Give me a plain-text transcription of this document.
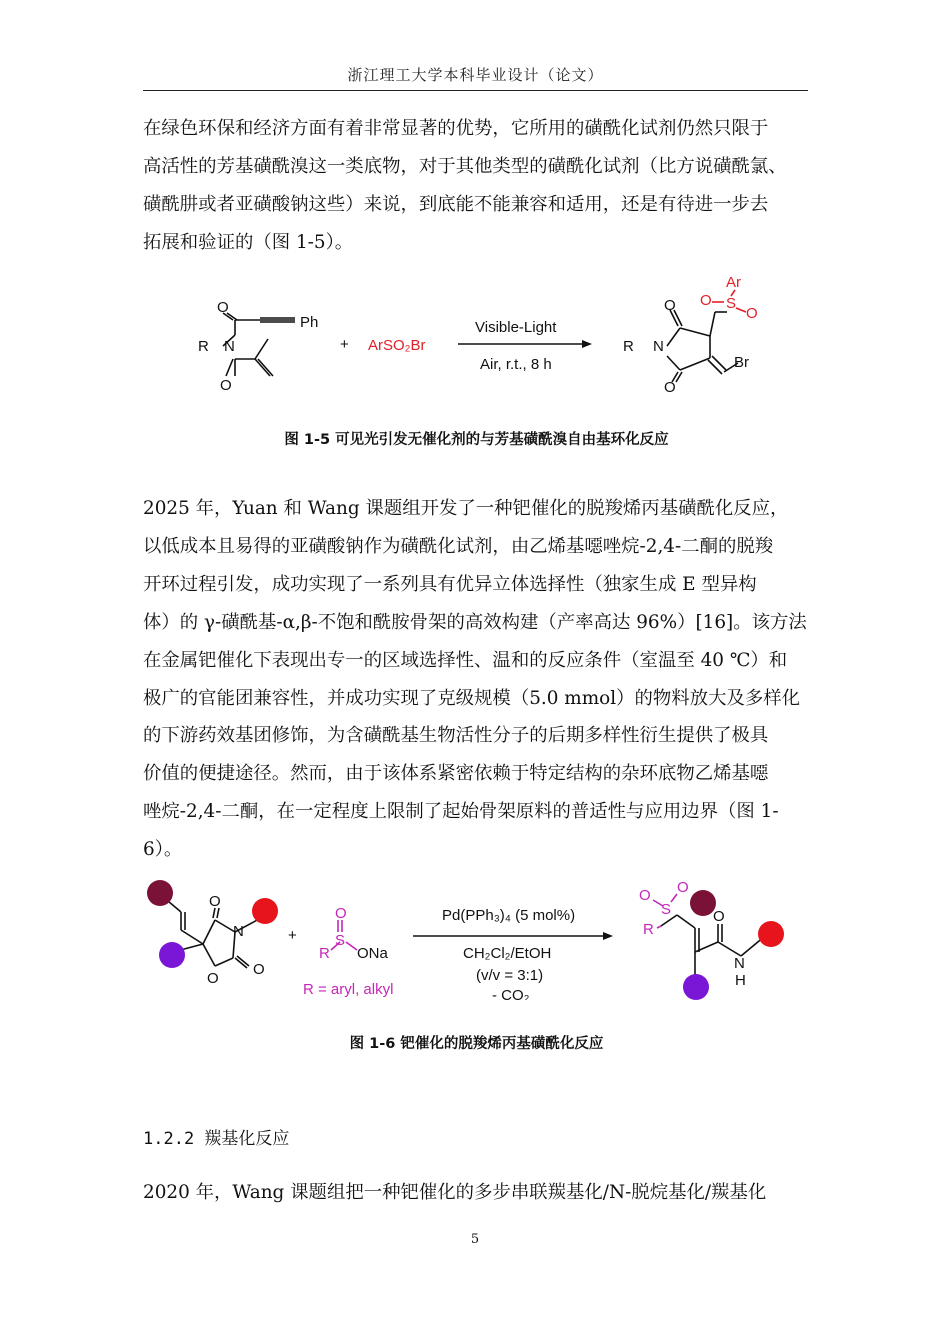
浙江理工大学本科毕业设计（论文）
在绿色环保和经济方面有着非常显著的优势，它所用的磺酰化试剂仍然只限于
高活性的芳基磺酰溴这一类底物，对于其他类型的磺酰化试剂（比方说磺酰氯、
磺酰肼或者亚磺酸钠这些）来说，到底能不能兼容和适用，还是有待进一步去
拓展和验证的（图 1-5）。
Ph
R N
O
O
+
Visible-Light
Air, r.t., 8 h
R N
O
O
Br
ArSO₂Br
Ar
O S
O
图 1-5 可见光引发无催化剂的与芳基磺酰溴自由基环化反应
2025 年，Yuan 和 Wang 课题组开发了一种钯催化的脱羧烯丙基磺酰化反应，
以低成本且易得的亚磺酸钠作为磺酰化试剂，由乙烯基噁唑烷-2,4-二酮的脱羧
开环过程引发，成功实现了一系列具有优异立体选择性（独家生成 E 型异构
体）的 γ-磺酰基-α,β-不饱和酰胺骨架的高效构建（产率高达 96%）[16]。该方法
在金属钯催化下表现出专一的区域选择性、温和的反应条件（室温至 40 ℃）和
极广的官能团兼容性，并成功实现了克级规模（5.0 mmol）的物料放大及多样化
的下游药效基团修饰，为含磺酰基生物活性分子的后期多样性衍生提供了极具
价值的便捷途径。然而，由于该体系紧密依赖于特定结构的杂环底物乙烯基噁
唑烷-2,4-二酮，在一定程度上限制了起始骨架原料的普适性与应用边界（图 1-
6）。
O
N
O
O
+
ONa
Pd(PPh₃)₄ (5 mol%)
CH₂Cl₂/EtOH
(v/v = 3:1)
- CO₂
O
N
H
O
S
R
R = aryl, alkyl
O
S
O
R
图 1-6 钯催化的脱羧烯丙基磺酰化反应
1.2.2 羰基化反应
2020 年，Wang 课题组把一种钯催化的多步串联羰基化/N-脱烷基化/羰基化
5
